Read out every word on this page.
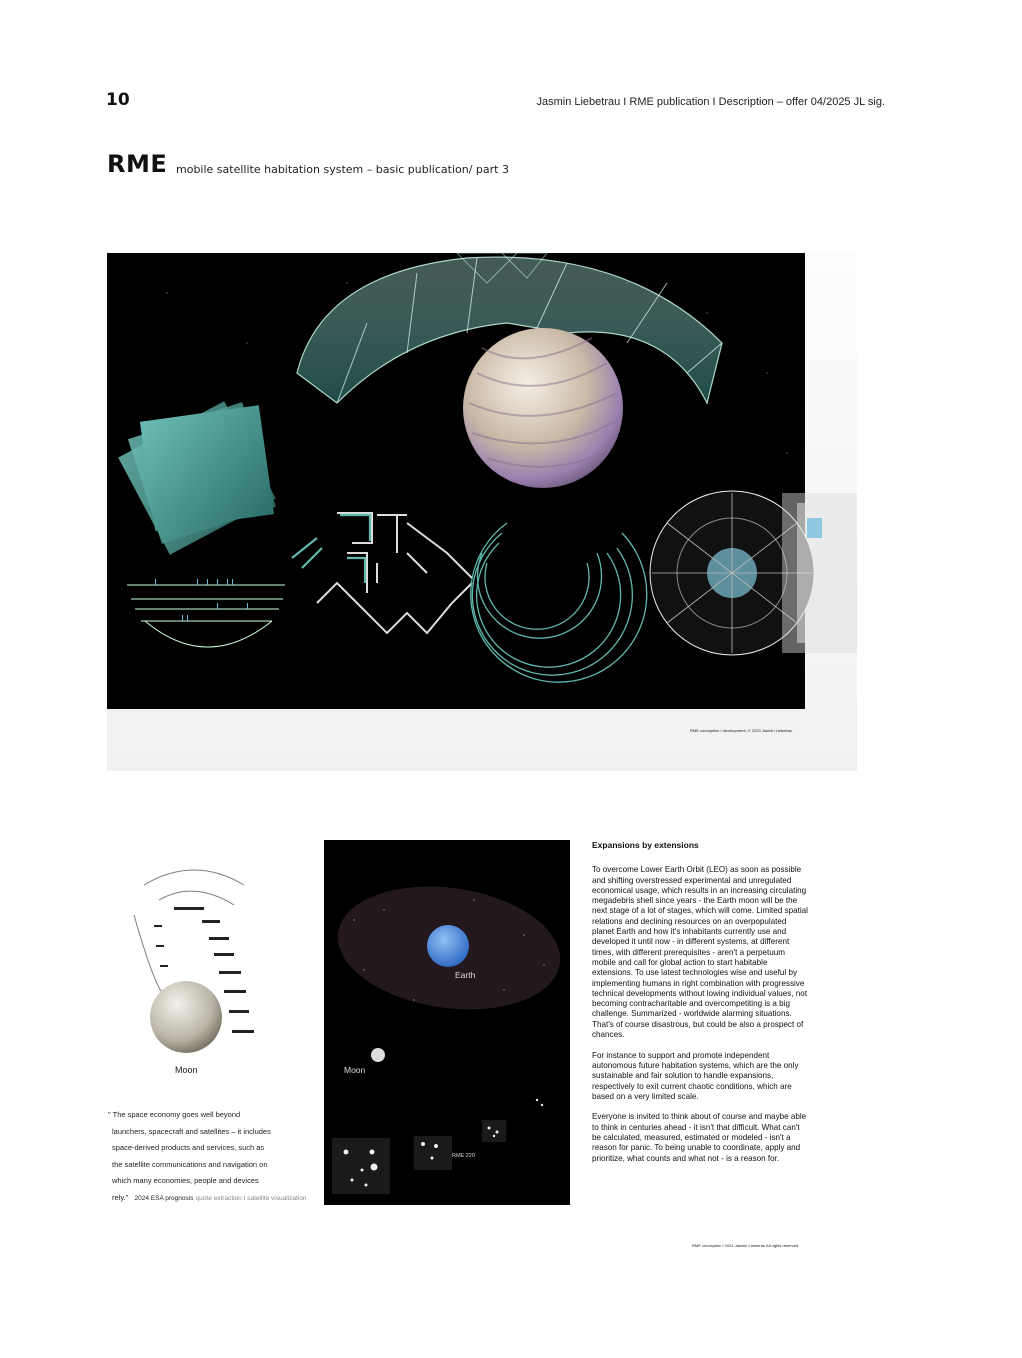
10	Jasmin Liebetrau I RME publication I Description – offer 04/2025 JL sig.
RME mobile satellite habitation system – basic publication/ part 3
RME conception I development, © 2023 Jasmin Liebetrau
Moon
" The space economy goes well beyond
launchers, spacecraft and satellites – it includes
space-derived products and services, such as
the satellite communications and navigation on
which many economies, people and devices
rely." 2024 ESA prognosis quote extraction I satellite visualization
Earth
Moon
RME 220
Expansions by extensions

To overcome Lower Earth Orbit (LEO) as soon as possible and shifting overstressed experimental and unregulated economical usage, which results in an increasing circulating megadebris shell since years - the Earth moon will be the next stage of a lot of stages, which will come. Limited spatial relations and declining resources on an overpopulated planet Earth and how it's inhabitants currently use and developed it until now - in different systems, at different times, with different prerequisites - aren't a perpetuum mobile and call for global action to start habitable extensions. To use latest technologies wise and useful by implementing humans in right combination with progressive technical developments without lowing individual values, not becoming contracharitable and overcompetiting is a big challenge. Summarized - worldwide alarming situations. That's of course disastrous, but could be also a prospect of chances.

For instance to support and promote independent autonomous future habitation systems, which are the only sustainable and fair solution to handle expansions, respectively to exit current chaotic conditions, which are based on a very limited scale.

Everyone is invited to think about of course and maybe able to think in centuries ahead - it isn't that difficult. What can't be calculated, measured, estimated or modeled - isn't a reason for panic. To being unable to coordinate, apply and prioritize, what counts and what not - is a reason for.

RME conception I 2024 Jasmin Liebetrau All rights reserved.
